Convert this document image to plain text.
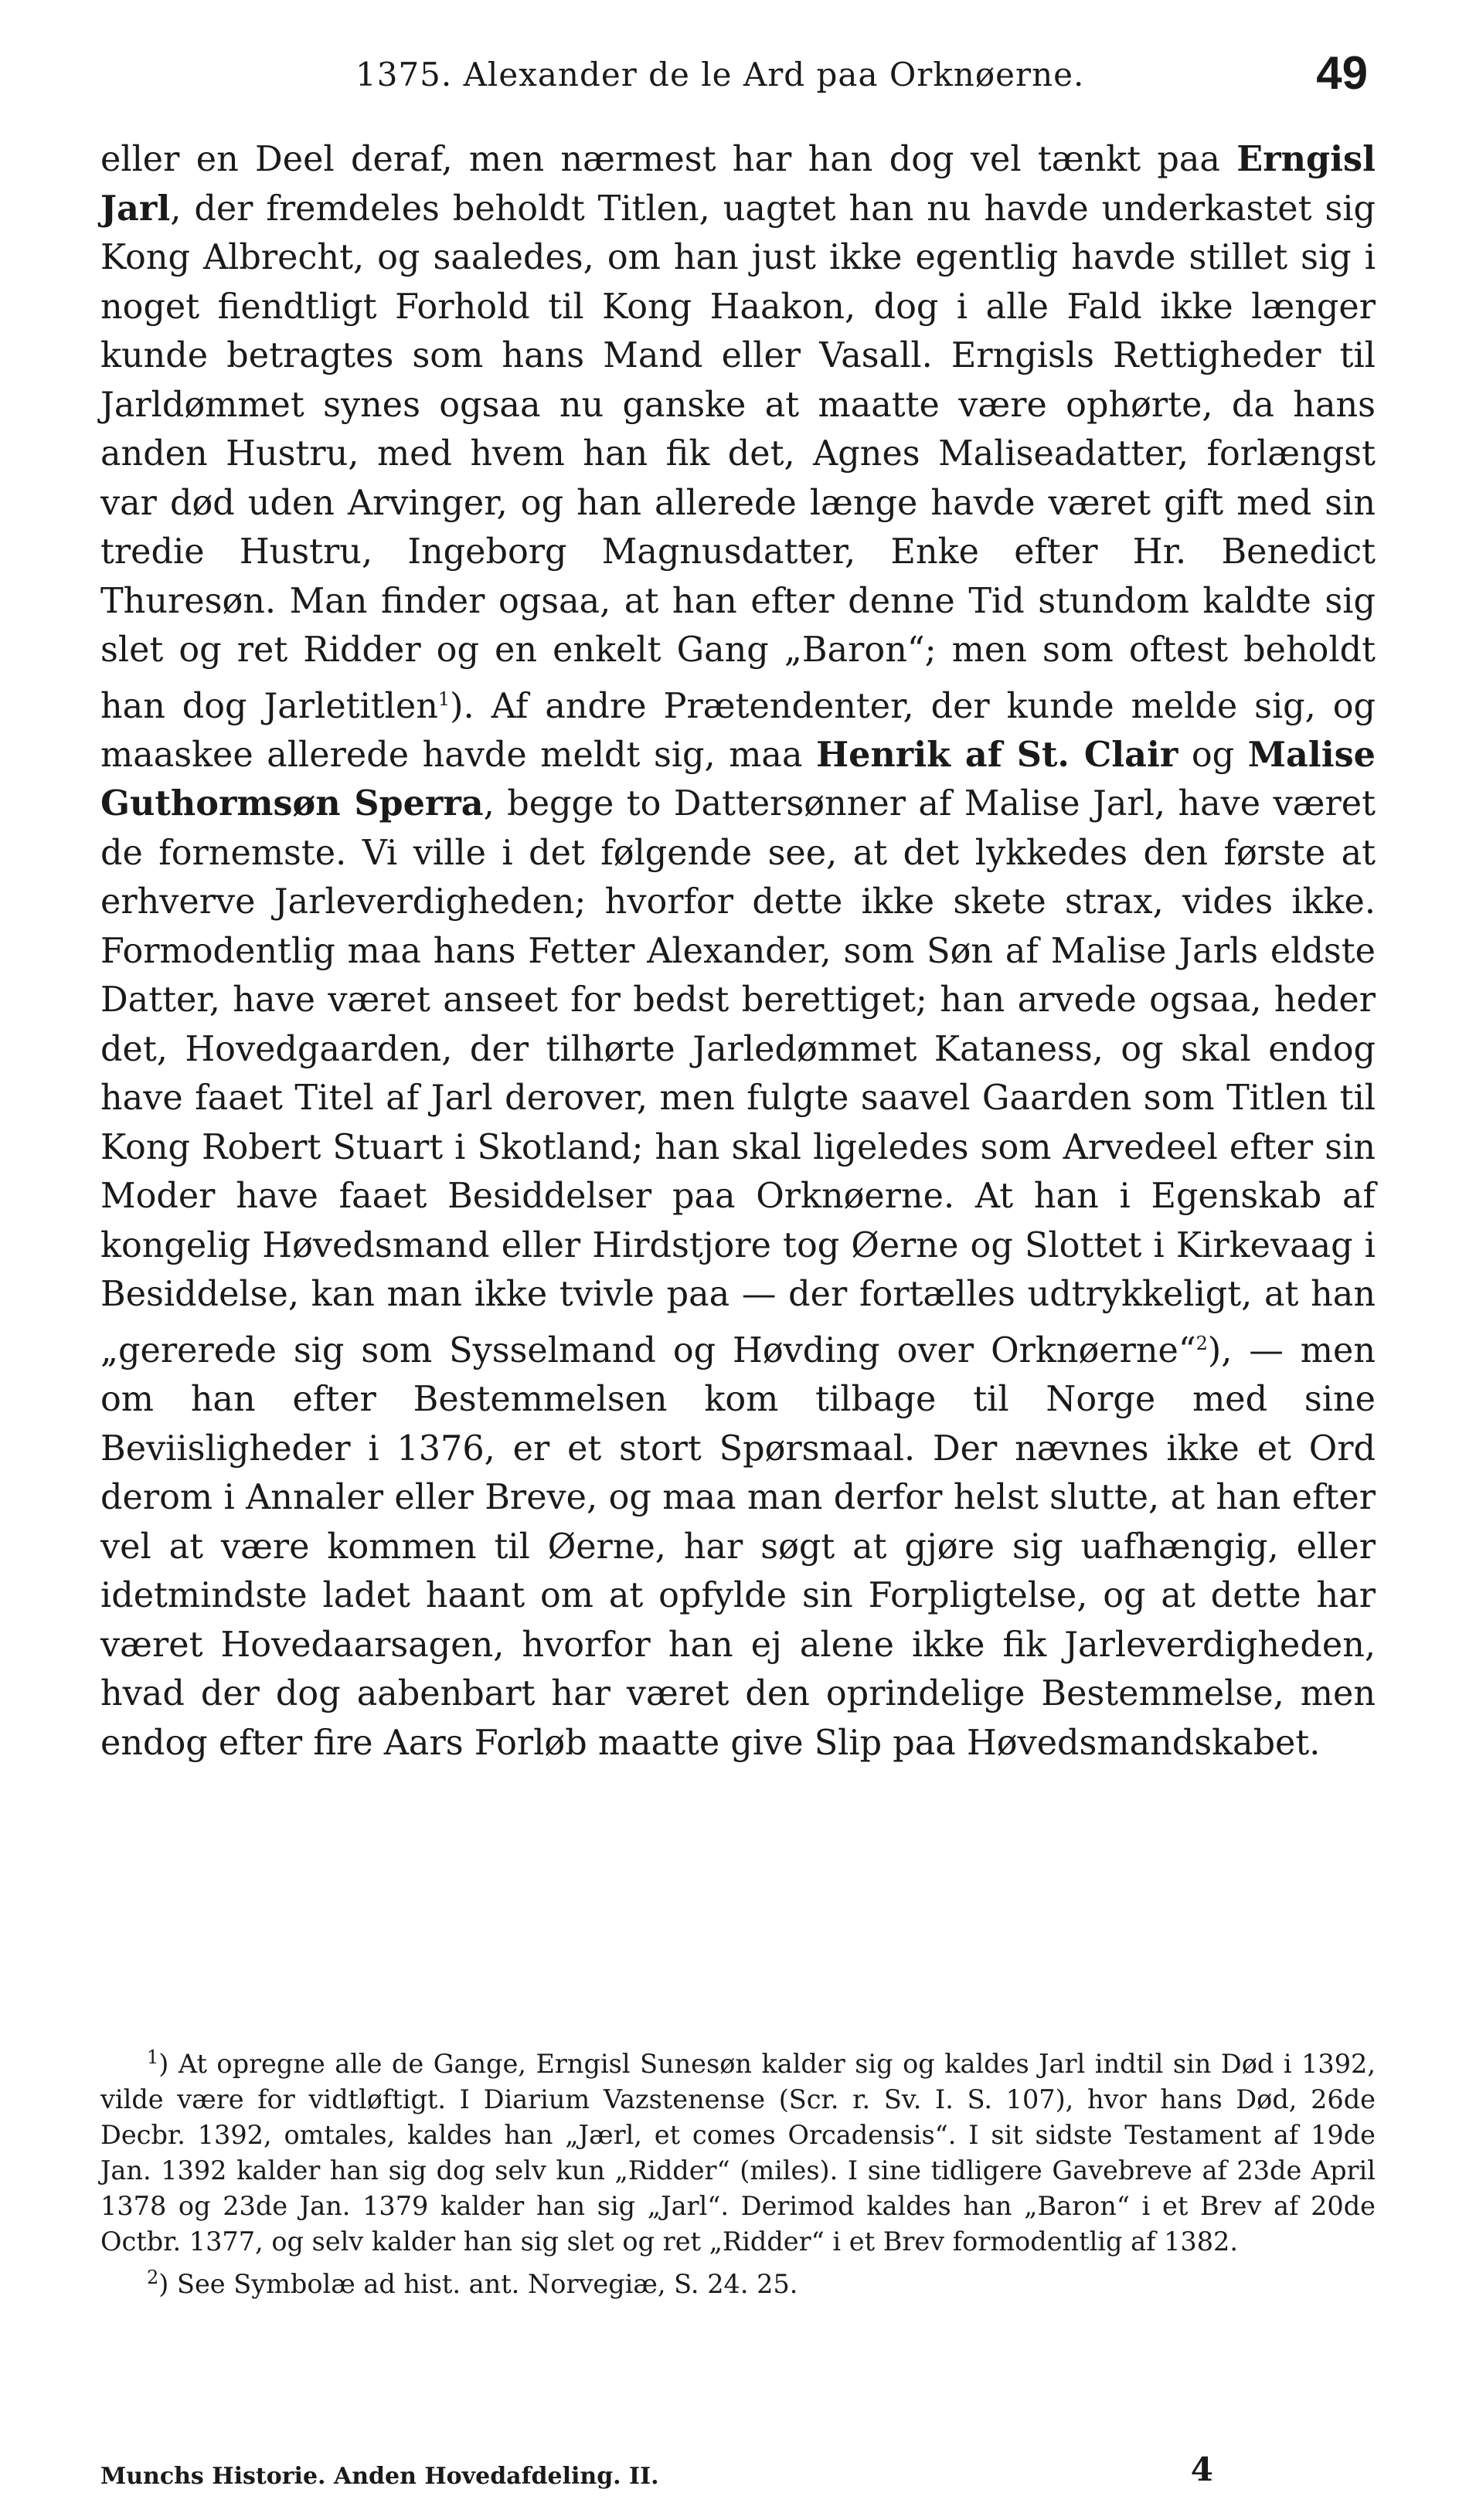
1375. Alexander de le Ard paa Orknøerne.	49

eller en Deel deraf, men nærmest har han dog vel tænkt paa Erngisl Jarl, der fremdeles beholdt Titlen, uagtet han nu havde underkastet sig Kong Albrecht, og saaledes, om han just ikke egentlig havde stillet sig i noget fiendtligt Forhold til Kong Haakon, dog i alle Fald ikke længer kunde betragtes som hans Mand eller Vasall. Erngisls Rettigheder til Jarldømmet synes ogsaa nu ganske at maatte være ophørte, da hans anden Hustru, med hvem han fik det, Agnes Maliseadatter, forlængst var død uden Arvinger, og han allerede længe havde været gift med sin tredie Hustru, Ingeborg Magnusdatter, Enke efter Hr. Benedict Thuresøn. Man finder ogsaa, at han efter denne Tid stundom kaldte sig slet og ret Ridder og en enkelt Gang „Baron“; men som oftest beholdt han dog Jarletitlen$^1$). Af andre Prætendenter, der kunde melde sig, og maaskee allerede havde meldt sig, maa Henrik af St. Clair og Malise Guthormsøn Sperra, begge to Dattersønner af Malise Jarl, have været de fornemste. Vi ville i det følgende see, at det lykkedes den første at erhverve Jarleverdigheden; hvorfor dette ikke skete strax, vides ikke. Formodentlig maa hans Fetter Alexander, som Søn af Malise Jarls eldste Datter, have været anseet for bedst berettiget; han arvede ogsaa, heder det, Hovedgaarden, der tilhørte Jarledømmet Kataness, og skal endog have faaet Titel af Jarl derover, men fulgte saavel Gaarden som Titlen til Kong Robert Stuart i Skotland; han skal ligeledes som Arvedeel efter sin Moder have faaet Besiddelser paa Orknøerne. At han i Egenskab af kongelig Høvedsmand eller Hirdstjore tog Øerne og Slottet i Kirkevaag i Besiddelse, kan man ikke tvivle paa — der fortælles udtrykkeligt, at han „gererede sig som Sysselmand og Høvding over Orknøerne“$^2$), — men om han efter Bestemmelsen kom tilbage til Norge med sine Beviisligheder i 1376, er et stort Spørsmaal. Der nævnes ikke et Ord derom i Annaler eller Breve, og maa man derfor helst slutte, at han efter vel at være kommen til Øerne, har søgt at gjøre sig uafhængig, eller idetmindste ladet haant om at opfylde sin Forpligtelse, og at dette har været Hovedaarsagen, hvorfor han ej alene ikke fik Jarleverdigheden, hvad der dog aabenbart har været den oprindelige Bestemmelse, men endog efter fire Aars Forløb maatte give Slip paa Høvedsmandskabet.

$^1$) At opregne alle de Gange, Erngisl Sunesøn kalder sig og kaldes Jarl indtil sin Død i 1392, vilde være for vidtløftigt. I Diarium Vazstenense (Scr. r. Sv. I. S. 107), hvor hans Død, 26de Decbr. 1392, omtales, kaldes han „Jærl, et comes Orcadensis“. I sit sidste Testament af 19de Jan. 1392 kalder han sig dog selv kun „Ridder“ (miles). I sine tidligere Gavebreve af 23de April 1378 og 23de Jan. 1379 kalder han sig „Jarl“. Derimod kaldes han „Baron“ i et Brev af 20de Octbr. 1377, og selv kalder han sig slet og ret „Ridder“ i et Brev formodentlig af 1382.

$^2$) See Symbolæ ad hist. ant. Norvegiæ, S. 24. 25.

Munchs Historie. Anden Hovedafdeling. II.	4
